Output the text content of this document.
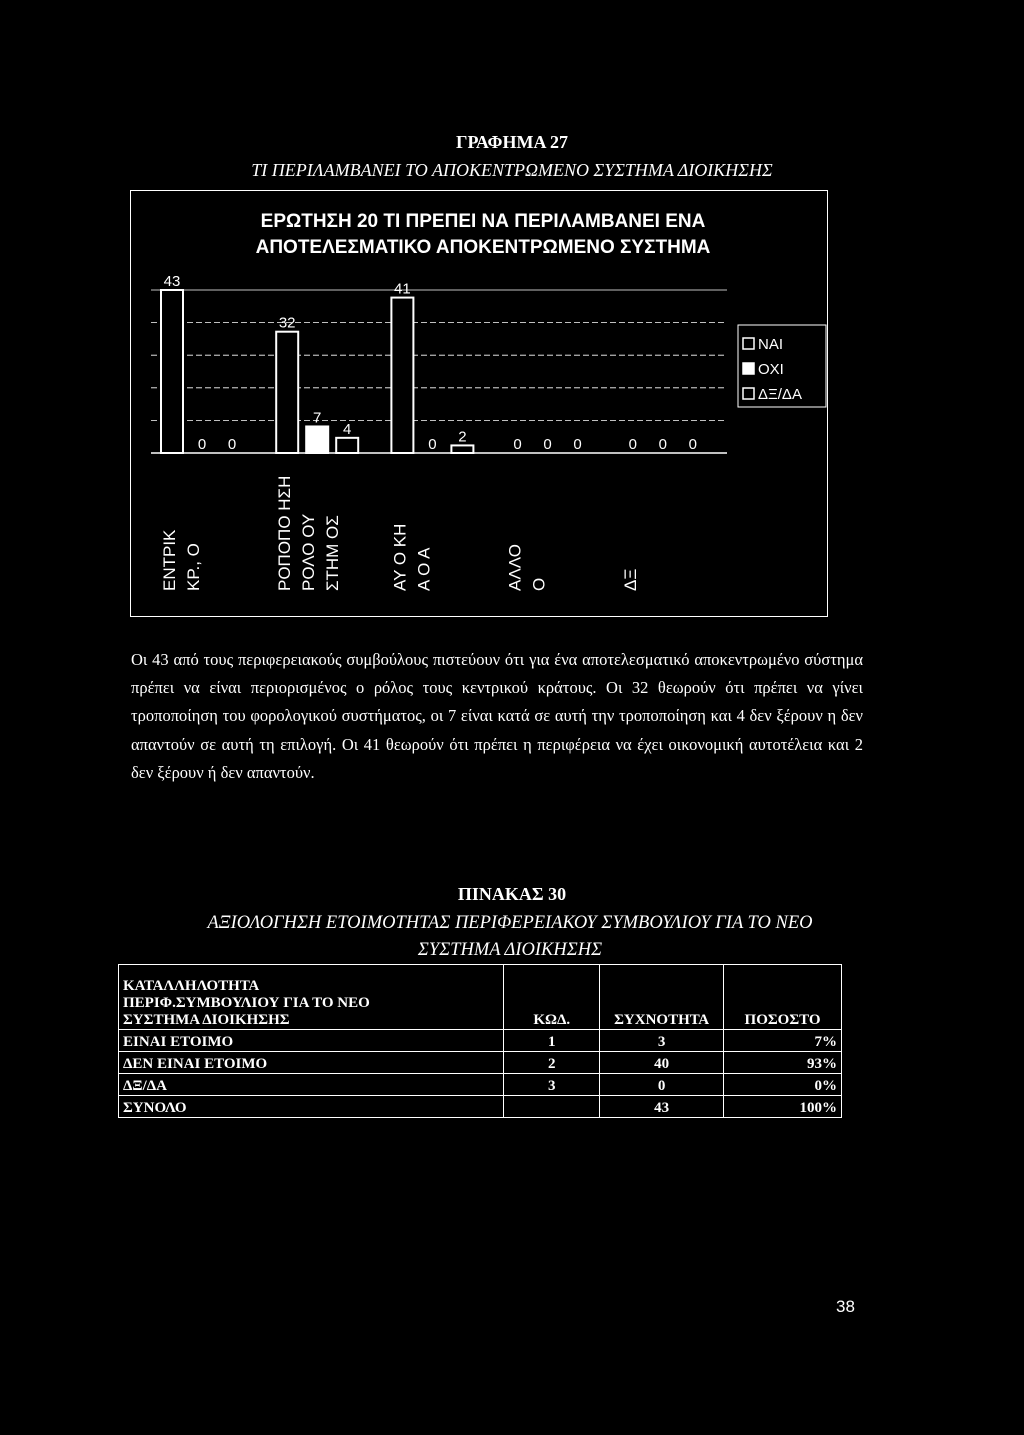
ΓΡΑΦΗΜΑ 27
ΤΙ ΠΕΡΙΛΑΜΒΑΝΕΙ ΤΟ ΑΠΟΚΕΝΤΡΩΜΕΝΟ ΣΥΣΤΗΜΑ ΔΙΟΙΚΗΣΗΣ
ΕΡΩΤΗΣΗ 20 ΤΙ ΠΡΕΠΕΙ ΝΑ ΠΕΡΙΛΑΜΒΑΝΕΙ ΕΝΑ
ΑΠΟΤΕΛΕΣΜΑΤΙΚΟ ΑΠΟΚΕΝΤΡΩΜΕΝΟ ΣΥΣΤΗΜΑ
43
0 0
32
7
4
41
0 2	0 0 0	0 0 0
ΕΝΤΡΙΚ ΚΡ., Ο	ΡΟΠΟΠΟ ΗΣΗ ΡΟΛΟ ΟΥ ΣΤΗΜ ΟΣ	ΑΥ Ο ΚΗ Α Ο Α	ΑΛΛΟ Ο	ΔΞ
ΝΑΙ
ΟΧΙ
ΔΞ/ΔΑ
Οι 43 από τους περιφερειακούς συμβούλους πιστεύουν ότι για ένα αποτελεσματικό αποκεντρωμένο σύστημα πρέπει να είναι περιορισμένος ο ρόλος τους κεντρικού κράτους. Οι 32 θεωρούν ότι πρέπει να γίνει τροποποίηση του φορολογικού συστήματος, οι 7 είναι κατά σε αυτή την τροποποίηση και 4 δεν ξέρουν η δεν απαντούν σε αυτή τη επιλογή. Οι 41 θεωρούν ότι πρέπει η περιφέρεια να έχει οικονομική αυτοτέλεια και 2 δεν ξέρουν ή δεν απαντούν.
ΠΙΝΑΚΑΣ 30
ΑΞΙΟΛΟΓΗΣΗ ΕΤΟΙΜΟΤΗΤΑΣ ΠΕΡΙΦΕΡΕΙΑΚΟΥ ΣΥΜΒΟΥΛΙΟΥ ΓΙΑ ΤΟ ΝΕΟ
ΣΥΣΤΗΜΑ ΔΙΟΙΚΗΣΗΣ
ΚΑΤΑΛΛΗΛΟΤΗΤΑ
ΠΕΡΙΦ.ΣΥΜΒΟΥΛΙΟΥ ΓΙΑ ΤΟ ΝΕΟ
ΣΥΣΤΗΜΑ ΔΙΟΙΚΗΣΗΣ	ΚΩΔ.	ΣΥΧΝΟΤΗΤΑ	ΠΟΣΟΣΤΟ
ΕΙΝΑΙ ΕΤΟΙΜΟ	1	3	7%
ΔΕΝ ΕΙΝΑΙ ΕΤΟΙΜΟ	2	40	93%
ΔΞ/ΔΑ	3	0	0%
ΣΥΝΟΛΟ		43	100%
38
